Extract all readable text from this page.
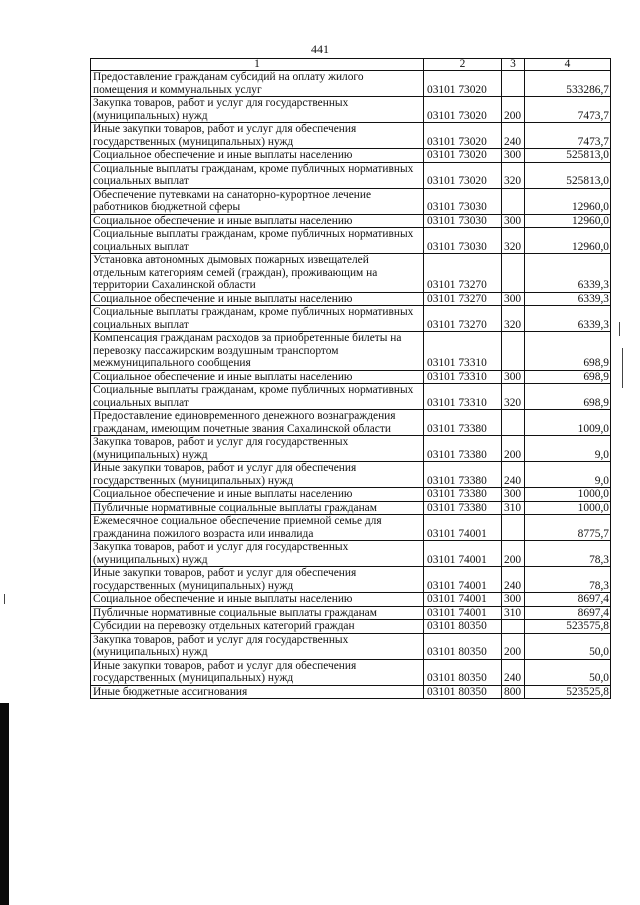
441
1	2	3	4
Предоставление гражданам субсидий на оплату жилого помещения и коммунальных услуг	03101 73020		533286,7
Закупка товаров, работ и услуг для государственных (муниципальных) нужд	03101 73020	200	7473,7
Иные закупки товаров, работ и услуг для обеспечения государственных (муниципальных) нужд	03101 73020	240	7473,7
Социальное обеспечение и иные выплаты населению	03101 73020	300	525813,0
Социальные выплаты гражданам, кроме публичных нормативных социальных выплат	03101 73020	320	525813,0
Обеспечение путевками на санаторно-курортное лечение работников бюджетной сферы	03101 73030		12960,0
Социальное обеспечение и иные выплаты населению	03101 73030	300	12960,0
Социальные выплаты гражданам, кроме публичных нормативных социальных выплат	03101 73030	320	12960,0
Установка автономных дымовых пожарных извещателей отдельным категориям семей (граждан), проживающим на территории Сахалинской области	03101 73270		6339,3
Социальное обеспечение и иные выплаты населению	03101 73270	300	6339,3
Социальные выплаты гражданам, кроме публичных нормативных социальных выплат	03101 73270	320	6339,3
Компенсация гражданам расходов за приобретенные билеты на перевозку пассажирским воздушным транспортом межмуниципального сообщения	03101 73310		698,9
Социальное обеспечение и иные выплаты населению	03101 73310	300	698,9
Социальные выплаты гражданам, кроме публичных нормативных социальных выплат	03101 73310	320	698,9
Предоставление единовременного денежного вознаграждения гражданам, имеющим почетные звания Сахалинской области	03101 73380		1009,0
Закупка товаров, работ и услуг для государственных (муниципальных) нужд	03101 73380	200	9,0
Иные закупки товаров, работ и услуг для обеспечения государственных (муниципальных) нужд	03101 73380	240	9,0
Социальное обеспечение и иные выплаты населению	03101 73380	300	1000,0
Публичные нормативные социальные выплаты гражданам	03101 73380	310	1000,0
Ежемесячное социальное обеспечение приемной семье для гражданина пожилого возраста или инвалида	03101 74001		8775,7
Закупка товаров, работ и услуг для государственных (муниципальных) нужд	03101 74001	200	78,3
Иные закупки товаров, работ и услуг для обеспечения государственных (муниципальных) нужд	03101 74001	240	78,3
Социальное обеспечение и иные выплаты населению	03101 74001	300	8697,4
Публичные нормативные социальные выплаты гражданам	03101 74001	310	8697,4
Субсидии на перевозку отдельных категорий граждан	03101 80350		523575,8
Закупка товаров, работ и услуг для государственных (муниципальных) нужд	03101 80350	200	50,0
Иные закупки товаров, работ и услуг для обеспечения государственных (муниципальных) нужд	03101 80350	240	50,0
Иные бюджетные ассигнования	03101 80350	800	523525,8
